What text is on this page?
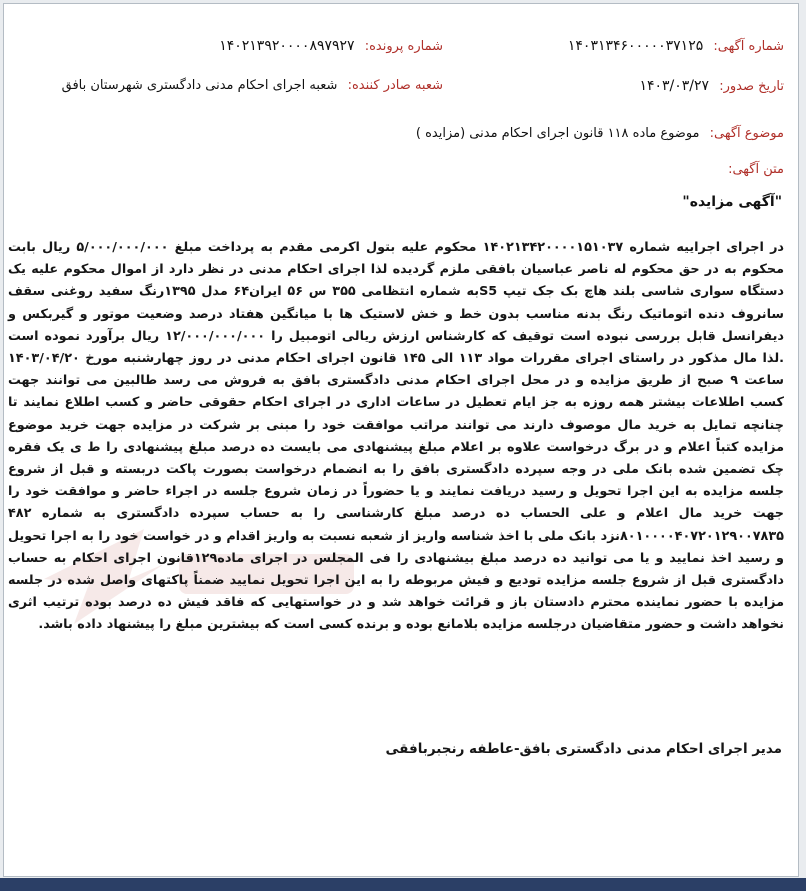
شماره آگهی: ۱۴۰۳۱۳۴۶۰۰۰۰۰۳۷۱۲۵
شماره پرونده: ۱۴۰۲۱۳۹۲۰۰۰۰۸۹۷۹۲۷
تاریخ صدور: ۱۴۰۳/۰۳/۲۷
شعبه صادر کننده: شعبه اجرای احکام مدنی دادگستری شهرستان بافق
موضوع آگهی: موضوع ماده ۱۱۸ قانون اجرای احکام مدنی (مزایده )
متن آگهی:
"آگهی مزایده"

در اجرای اجراییه شماره ۱۴۰۲۱۳۴۲۰۰۰۰۱۵۱۰۳۷ محکوم علیه بتول اکرمی مقدم به پرداخت مبلغ ۵/۰۰۰/۰۰۰/۰۰۰ ریال بابت محکوم به در حق محکوم له ناصر عباسیان بافقی ملزم گردیده لذا اجرای احکام مدنی در نظر دارد از اموال محکوم علیه یک دستگاه سواری شاسی بلند هاچ بک جک تیپ S5به شماره انتظامی ۳۵۵ س ۵۶ ایران۶۴ مدل ۱۳۹۵رنگ سفید روغنی سقف سانروف دنده اتوماتیک رنگ بدنه مناسب بدون خط و خش لاستیک ها با میانگین هفتاد درصد وضعیت موتور و گیربکس و دیفرانسل قابل بررسی نبوده است توقیف که کارشناس ارزش ریالی اتومبیل را ۱۲/۰۰۰/۰۰۰/۰۰۰ ریال برآورد نموده است .لذا مال مذکور در راستای اجرای مقررات مواد ۱۱۳ الی ۱۴۵ قانون اجرای احکام مدنی در روز چهارشنبه مورخ ۱۴۰۳/۰۴/۲۰ ساعت ۹ صبح از طریق مزایده و در محل اجرای احکام مدنی دادگستری بافق به فروش می رسد طالبین می توانند جهت کسب اطلاعات بیشتر همه روزه به جز ایام تعطیل در ساعات اداری در اجرای احکام حقوقی حاضر و کسب اطلاع نمایند تا چنانچه تمایل به خرید مال موصوف دارند می توانند مراتب موافقت خود را مبنی بر شرکت در مزایده جهت خرید موضوع مزایده کتباً اعلام و در برگ درخواست علاوه بر اعلام مبلغ پیشنهادی می بایست ده درصد مبلغ پیشنهادی را ط ی یک فقره چک تضمین شده بانک ملی در وجه سپرده دادگستری بافق را به انضمام درخواست بصورت پاکت دربسته و قبل از شروع جلسه مزایده به این اجرا تحویل و رسید دریافت نمایند و یا حضوراً در زمان شروع جلسه در اجراء حاضر و موافقت خود را جهت خرید مال اعلام و علی الحساب ده درصد مبلغ کارشناسی را به حساب سپرده دادگستری به شماره ۴۸۲ ۸۰۱۰۰۰۰۴۰۷۲۰۱۲۹۰۰۷۸۳۵نزد بانک ملی با اخذ شناسه واریز از شعبه نسبت به واریز اقدام و در خواست خود را به اجرا تحویل و رسید اخذ نمایید و یا می توانید ده درصد مبلغ بیشنهادی را فی المجلس در اجرای ماده۱۲۹قانون اجرای احکام به حساب دادگستری قبل از شروع جلسه مزایده تودیع و فیش مربوطه را به این اجرا تحویل نمایید ضمناً پاکتهای واصل شده در جلسه مزایده با حضور نماینده محترم دادستان باز و قرائت خواهد شد و در خواستهایی که فاقد فیش ده درصد بوده ترتیب اثری نخواهد داشت و حضور متقاضیان درجلسه مزایده بلامانع بوده و برنده کسی است که بیشترین مبلغ را پیشنهاد داده باشد.

مدیر اجرای احکام مدنی دادگستری بافق-عاطفه رنجبربافقی
